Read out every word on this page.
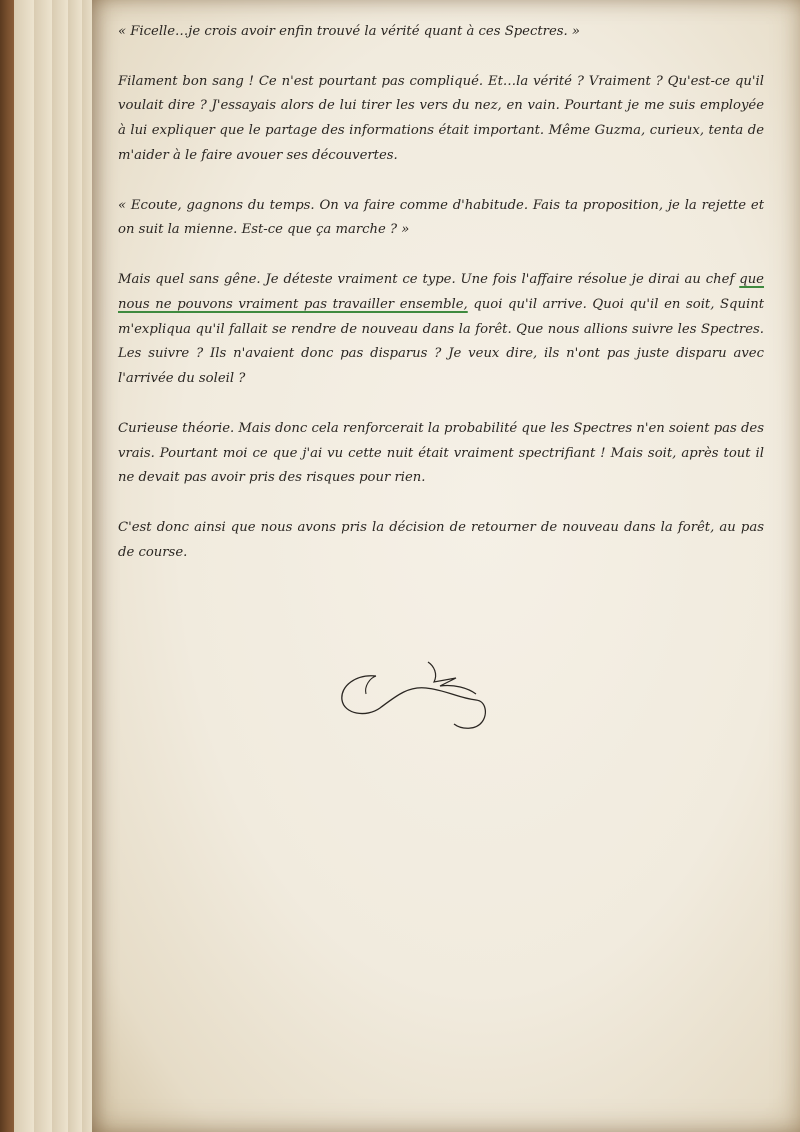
« Ficelle…je crois avoir enfin trouvé la vérité quant à ces Spectres. »

Filament bon sang ! Ce n'est pourtant pas compliqué. Et…la vérité ? Vraiment ? Qu'est-ce qu'il voulait dire ? J'essayais alors de lui tirer les vers du nez, en vain. Pourtant je me suis employée à lui expliquer que le partage des informations était important. Même Guzma, curieux, tenta de m'aider à le faire avouer ses découvertes.

« Ecoute, gagnons du temps. On va faire comme d'habitude. Fais ta proposition, je la rejette et on suit la mienne. Est-ce que ça marche ? »

Mais quel sans gêne. Je déteste vraiment ce type. Une fois l'affaire résolue je dirai au chef que nous ne pouvons vraiment pas travailler ensemble, quoi qu'il arrive. Quoi qu'il en soit, Squint m'expliqua qu'il fallait se rendre de nouveau dans la forêt. Que nous allions suivre les Spectres. Les suivre ? Ils n'avaient donc pas disparus ? Je veux dire, ils n'ont pas juste disparu avec l'arrivée du soleil ?

Curieuse théorie. Mais donc cela renforcerait la probabilité que les Spectres n'en soient pas des vrais. Pourtant moi ce que j'ai vu cette nuit était vraiment spectrifiant ! Mais soit, après tout il ne devait pas avoir pris des risques pour rien.

C'est donc ainsi que nous avons pris la décision de retourner de nouveau dans la forêt, au pas de course.
